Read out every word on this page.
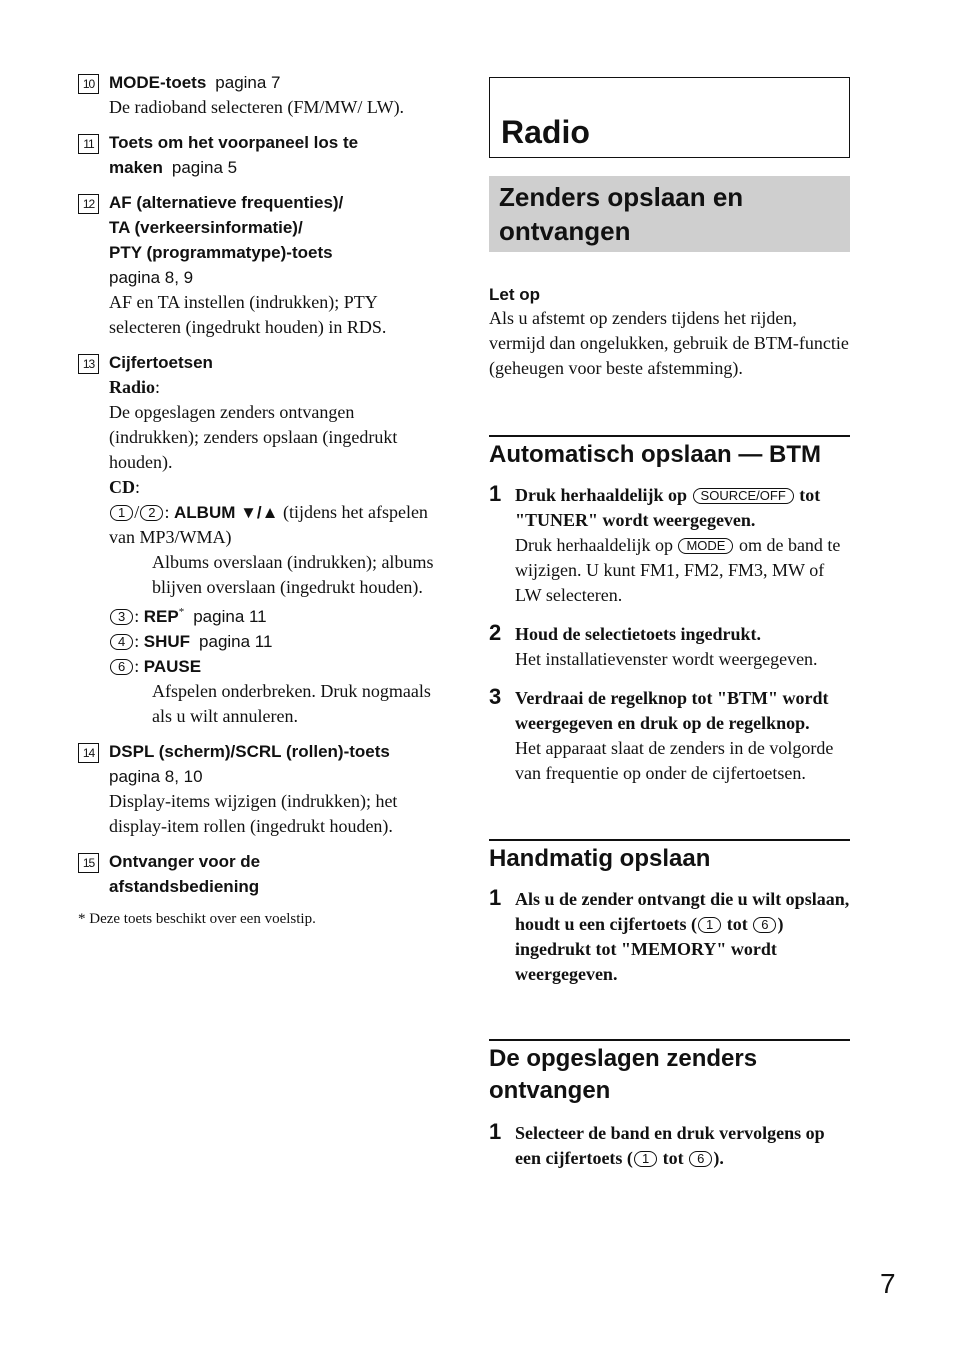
10 MODE-toets pagina 7
De radioband selecteren (FM/MW/ LW).
11 Toets om het voorpaneel los te
maken pagina 5
12 AF (alternatieve frequenties)/
TA (verkeersinformatie)/
PTY (programmatype)-toets
pagina 8, 9
AF en TA instellen (indrukken); PTY selecteren (ingedrukt houden) in RDS.
13 Cijfertoetsen
Radio:
De opgeslagen zenders ontvangen (indrukken); zenders opslaan (ingedrukt houden).
CD:
1 / 2 : ALBUM ▼/▲ (tijdens het afspelen van MP3/WMA)
Albums overslaan (indrukken); albums blijven overslaan (ingedrukt houden).
3 : REP* pagina 11
4 : SHUF pagina 11
6 : PAUSE
Afspelen onderbreken. Druk nogmaals als u wilt annuleren.
14 DSPL (scherm)/SCRL (rollen)-toets
pagina 8, 10
Display-items wijzigen (indrukken); het display-item rollen (ingedrukt houden).
15 Ontvanger voor de
afstandsbediening
* Deze toets beschikt over een voelstip.
Radio
Zenders opslaan en ontvangen
Let op
Als u afstemt op zenders tijdens het rijden, vermijd dan ongelukken, gebruik de BTM-functie (geheugen voor beste afstemming).
Automatisch opslaan — BTM
1 Druk herhaaldelijk op SOURCE/OFF tot "TUNER" wordt weergegeven.
Druk herhaaldelijk op MODE om de band te wijzigen. U kunt FM1, FM2, FM3, MW of LW selecteren.
2 Houd de selectietoets ingedrukt.
Het installatievenster wordt weergegeven.
3 Verdraai de regelknop tot "BTM" wordt weergegeven en druk op de regelknop.
Het apparaat slaat de zenders in de volgorde van frequentie op onder de cijfertoetsen.
Handmatig opslaan
1 Als u de zender ontvangt die u wilt opslaan, houdt u een cijfertoets ( 1 tot 6 ) ingedrukt tot "MEMORY" wordt weergegeven.
De opgeslagen zenders ontvangen
1 Selecteer de band en druk vervolgens op een cijfertoets ( 1 tot 6 ).
7
